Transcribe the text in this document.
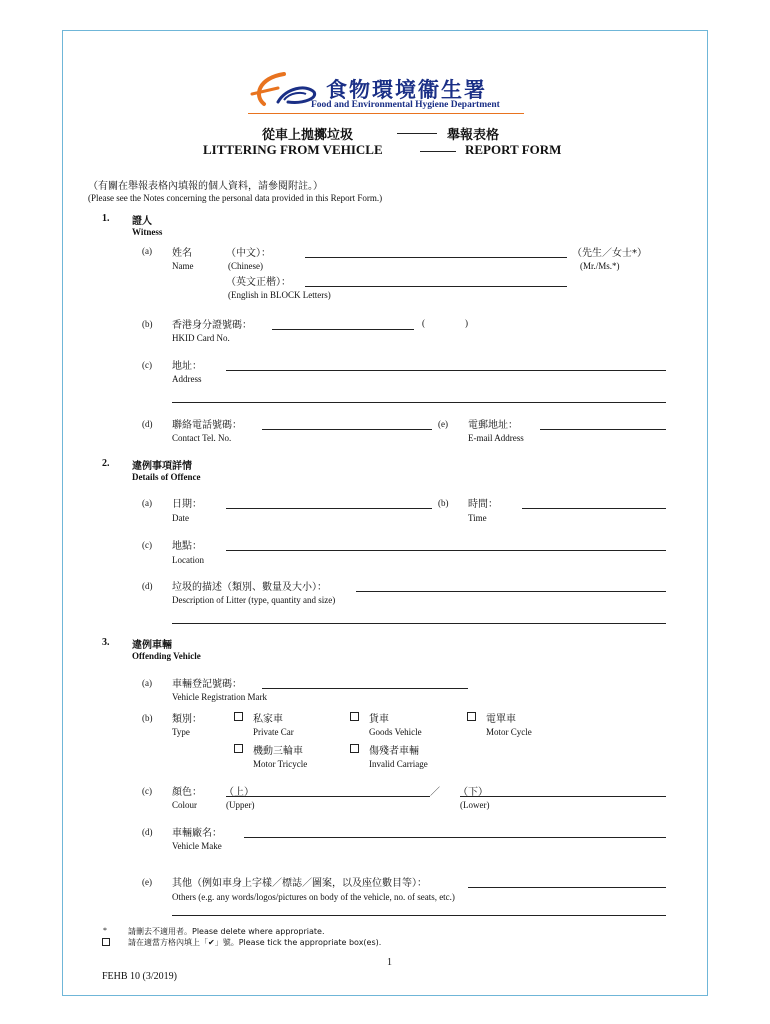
食物環境衞生署
Food and Environmental Hygiene Department
從車上拋擲垃圾	舉報表格
LITTERING FROM VEHICLE	REPORT FORM
（有關在舉報表格內填報的個人資料，請參閱附註。）
(Please see the Notes concerning the personal data provided in this Report Form.)
1. 證人
Witness
(a) 姓名
Name
（中文）：
(Chinese)
（先生／女士*）
(Mr./Ms.*)
（英文正楷）：
(English in BLOCK Letters)
(b) 香港身分證號碼：
HKID Card No.
(	)
(c) 地址：
Address
(d) 聯絡電話號碼：
Contact Tel. No.
(e) 電郵地址：
E-mail Address
2. 違例事項詳情
Details of Offence
(a) 日期：
Date
(b) 時間：
Time
(c) 地點：
Location
(d) 垃圾的描述（類別、數量及大小）：
Description of Litter (type, quantity and size)
3. 違例車輛
Offending Vehicle
(a) 車輛登記號碼：
Vehicle Registration Mark
(b) 類別：
Type
私家車
Private Car
貨車
Goods Vehicle
電單車
Motor Cycle
機動三輪車
Motor Tricycle
傷殘者車輛
Invalid Carriage
(c) 顏色：
Colour
（上）
(Upper)
／ （下）
(Lower)
(d) 車輛廠名：
Vehicle Make
(e) 其他（例如車身上字樣／標誌／圖案，以及座位數目等）：
Others (e.g. any words/logos/pictures on body of the vehicle, no. of seats, etc.)
*	請刪去不適用者。Please delete where appropriate.
請在適當方格內填上「✔」號。Please tick the appropriate box(es).
1
FEHB 10 (3/2019)
